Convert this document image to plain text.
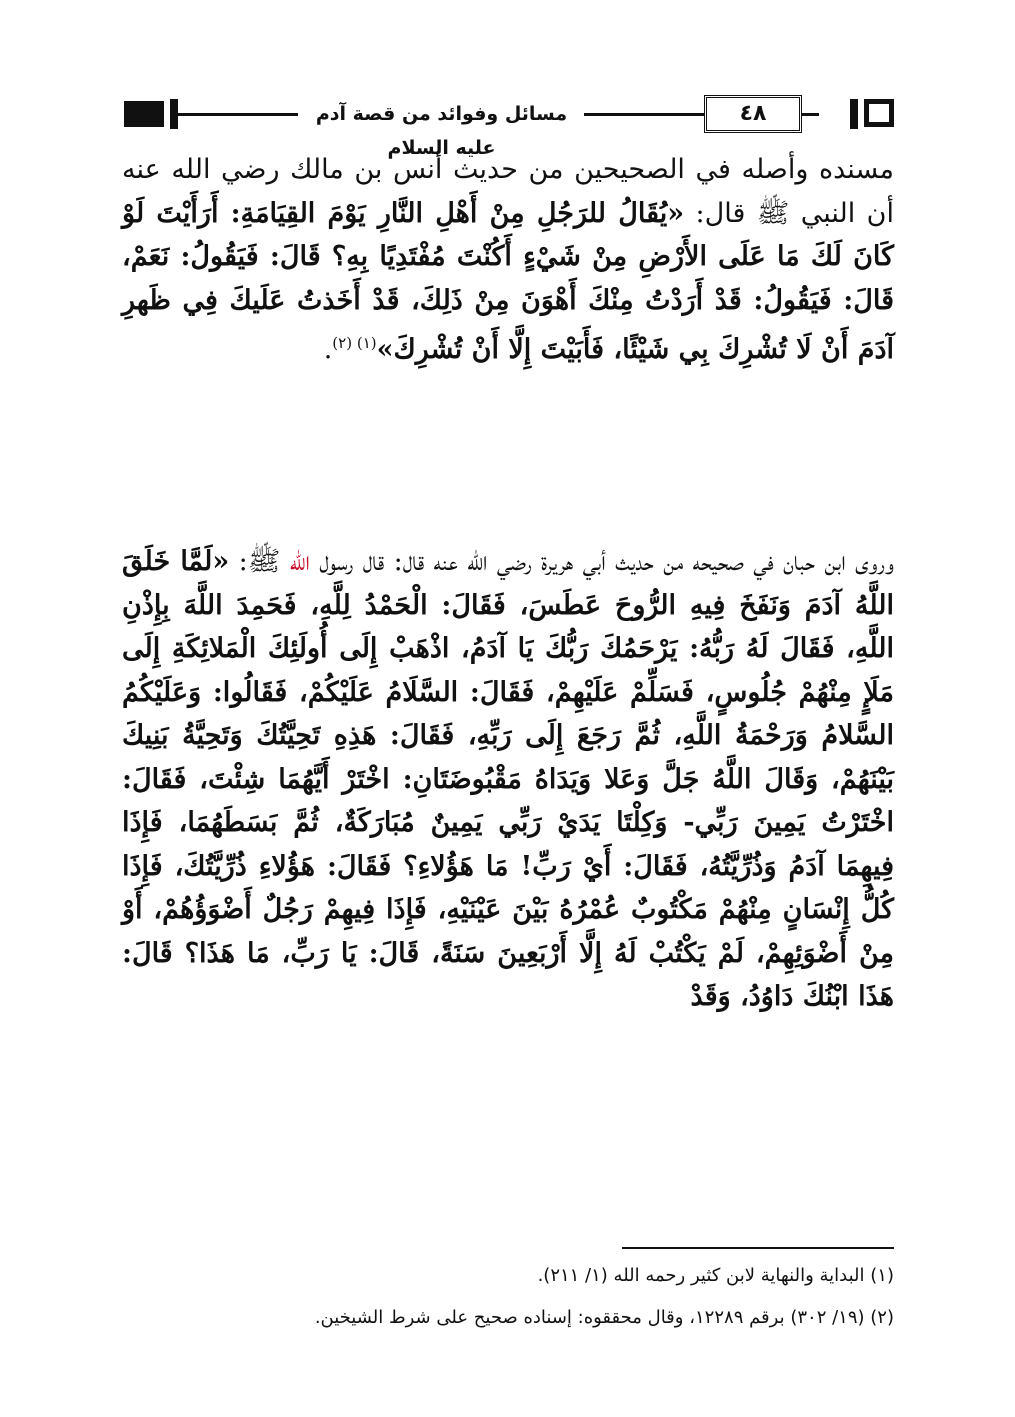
مسائل وفوائد من قصة آدم عليه السلام
٤٨
مسنده وأصله في الصحيحين من حديث أنس بن مالك رضي الله عنه أن النبي ﷺ قال: «يُقَالُ للرَجُلِ مِنْ أَهْلِ النَّارِ يَوْمَ القِيَامَةِ: أَرَأَيْتَ لَوْ كَانَ لَكَ مَا عَلَى الأَرْضِ مِنْ شَيْءٍ أَكُنْتَ مُفْتَدِيًا بِهِ؟ قَالَ: فَيَقُولُ: نَعَمْ، قَالَ: فَيَقُولُ: قَدْ أَرَدْتُ مِنْكَ أَهْوَنَ مِنْ ذَلِكَ، قَدْ أَخَذتُ عَلَيكَ فِي ظَهرِ آدَمَ أَنْ لَا تُشْرِكَ بِي شَيْئًا، فَأَبَيْتَ إِلَّا أَنْ تُشْرِكَ»$^{(١) (٢)}$.
وروى ابن حبان في صحيحه من حديث أبي هريرة رضي الله عنه قال: قال رسول الله ﷺ: «لَمَّا خَلَقَ اللَّهُ آدَمَ وَنَفَخَ فِيهِ الرُّوحَ عَطَسَ، فَقَالَ: الْحَمْدُ لِلَّهِ، فَحَمِدَ اللَّهَ بِإِذْنِ اللَّهِ، فَقَالَ لَهُ رَبُّهُ: يَرْحَمُكَ رَبُّكَ يَا آدَمُ، اذْهَبْ إِلَى أُولَئِكَ الْمَلائِكَةِ إِلَى مَلَإٍ مِنْهُمْ جُلُوسٍ، فَسَلِّمْ عَلَيْهِمْ، فَقَالَ: السَّلَامُ عَلَيْكُمْ، فَقَالُوا: وَعَلَيْكُمُ السَّلامُ وَرَحْمَةُ اللَّهِ، ثُمَّ رَجَعَ إِلَى رَبِّهِ، فَقَالَ: هَذِهِ تَحِيَّتُكَ وَتَحِيَّةُ بَنِيكَ بَيْنَهُمْ، وَقَالَ اللَّهُ جَلَّ وَعَلا وَيَدَاهُ مَقْبُوضَتَانِ: اخْتَرْ أَيَّهُمَا شِئْتَ، فَقَالَ: اخْتَرْتُ يَمِينَ رَبِّي- وَكِلْتَا يَدَيْ رَبِّي يَمِينٌ مُبَارَكَةٌ، ثُمَّ بَسَطَهُمَا، فَإِذَا فِيهِمَا آدَمُ وَذُرِّيَّتُهُ، فَقَالَ: أَيْ رَبِّ! مَا هَؤُلاءِ؟ فَقَالَ: هَؤُلاءِ ذُرِّيَّتُكَ، فَإِذَا كُلُّ إِنْسَانٍ مِنْهُمْ مَكْتُوبٌ عُمْرُهُ بَيْنَ عَيْنَيْهِ، فَإِذَا فِيهِمْ رَجُلٌ أَضْوَؤُهُمْ، أَوْ مِنْ أَضْوَئِهِمْ، لَمْ يَكْتُبْ لَهُ إِلَّا أَرْبَعِينَ سَنَةً، قَالَ: يَا رَبِّ، مَا هَذَا؟ قَالَ: هَذَا ابْنُكَ دَاوُدُ، وَقَدْ
(١) البداية والنهاية لابن كثير رحمه الله (١/ ٢١١).
(٢) (١٩/ ٣٠٢) برقم ١٢٢٨٩، وقال محققوه: إسناده صحيح على شرط الشيخين.
